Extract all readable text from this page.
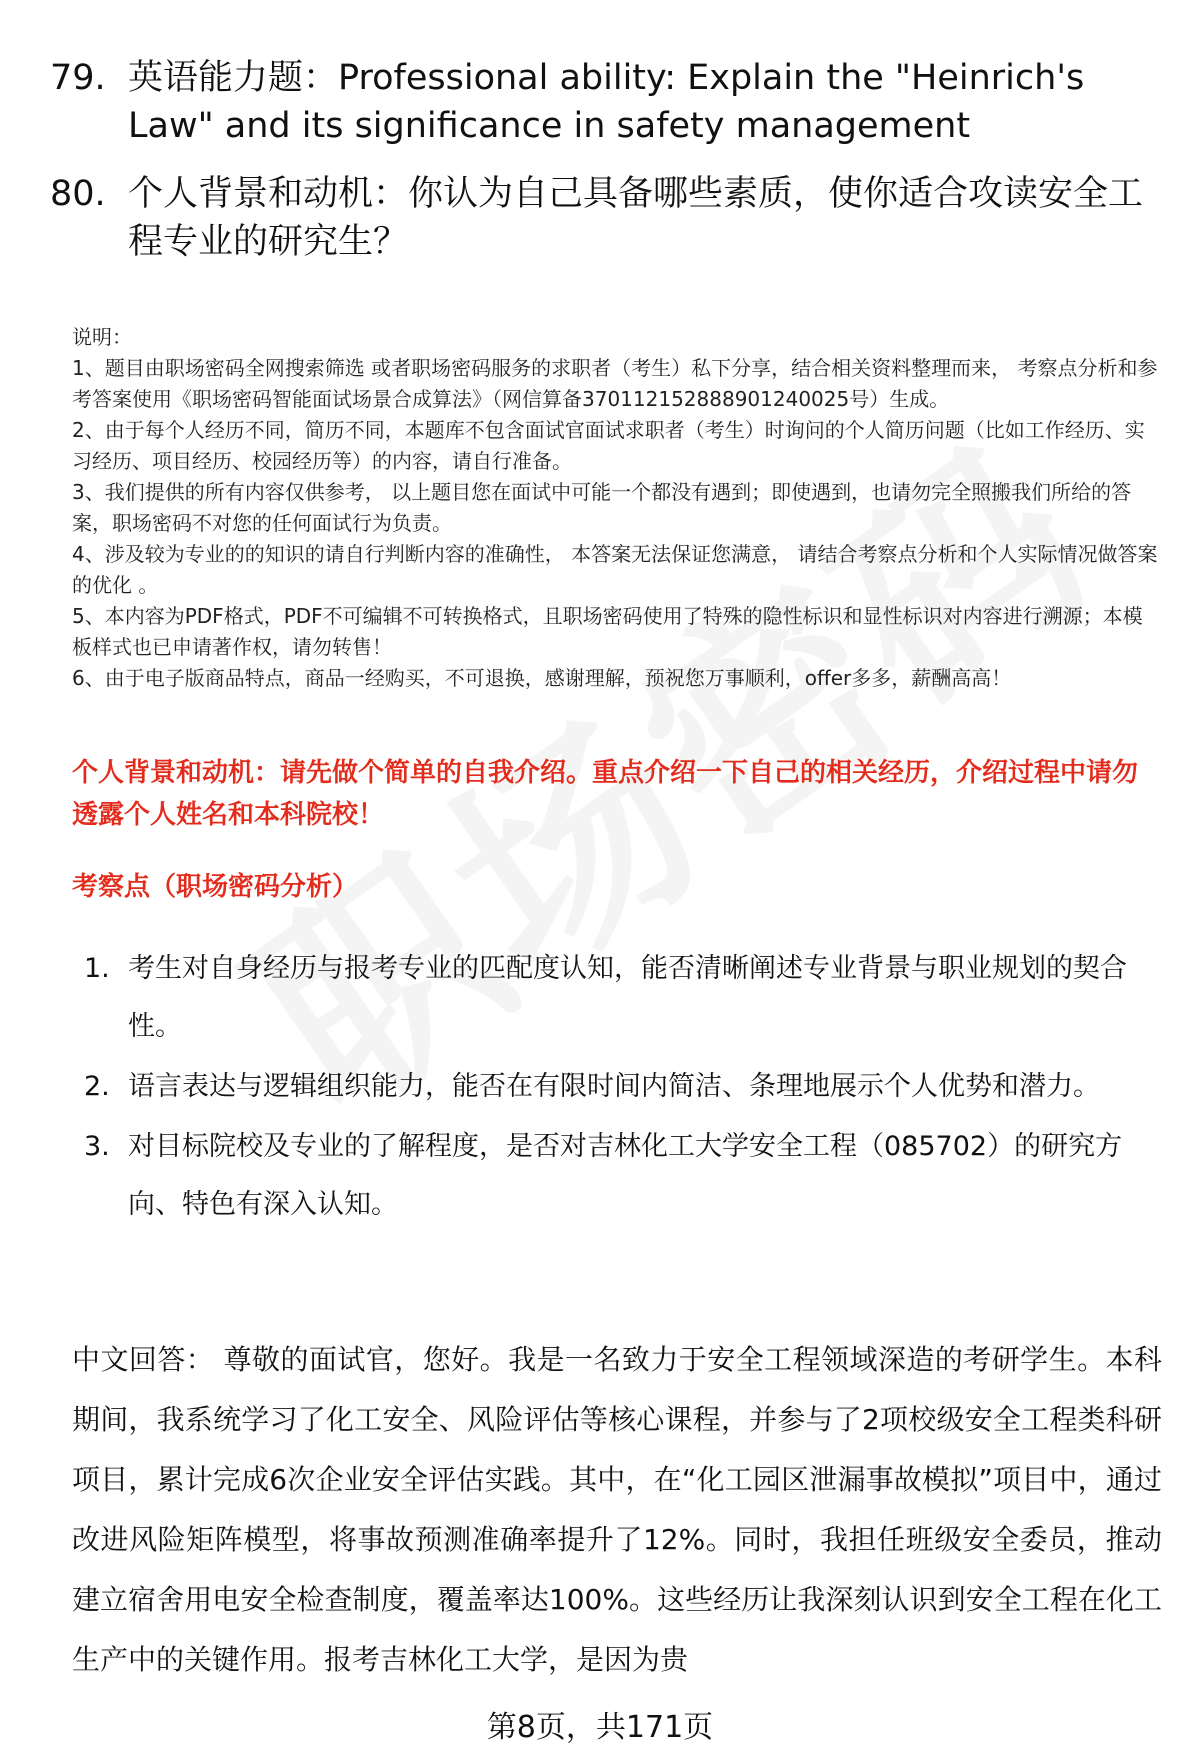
79. 英语能力题：Professional ability: Explain the "Heinrich's Law" and its significance in safety management
80. 个人背景和动机：你认为自己具备哪些素质，使你适合攻读安全工程专业的研究生？

说明：

1、题目由职场密码全网搜索筛选 或者职场密码服务的求职者（考生）私下分享，结合相关资料整理而来， 考察点分析和参考答案使用《职场密码智能面试场景合成算法》（网信算备370112152888901240025号）生成。

2、由于每个人经历不同，简历不同，本题库不包含面试官面试求职者（考生）时询问的个人简历问题（比如工作经历、实习经历、项目经历、校园经历等）的内容，请自行准备。

3、我们提供的所有内容仅供参考， 以上题目您在面试中可能一个都没有遇到；即使遇到，也请勿完全照搬我们所给的答案，职场密码不对您的任何面试行为负责。

4、涉及较为专业的的知识的请自行判断内容的准确性， 本答案无法保证您满意， 请结合考察点分析和个人实际情况做答案的优化 。

5、本内容为PDF格式，PDF不可编辑不可转换格式，且职场密码使用了特殊的隐性标识和显性标识对内容进行溯源；本模板样式也已申请著作权，请勿转售！

6、由于电子版商品特点，商品一经购买，不可退换，感谢理解，预祝您万事顺利，offer多多，薪酬高高！

个人背景和动机：请先做个简单的自我介绍。重点介绍一下自己的相关经历，介绍过程中请勿透露个人姓名和本科院校！
考察点（职场密码分析）
1. 考生对自身经历与报考专业的匹配度认知，能否清晰阐述专业背景与职业规划的契合性。
2. 语言表达与逻辑组织能力，能否在有限时间内简洁、条理地展示个人优势和潜力。
3. 对目标院校及专业的了解程度，是否对吉林化工大学安全工程（085702）的研究方向、特色有深入认知。
中文回答： 尊敬的面试官，您好。我是一名致力于安全工程领域深造的考研学生。本科期间，我系统学习了化工安全、风险评估等核心课程，并参与了2项校级安全工程类科研项目，累计完成6次企业安全评估实践。其中，在“化工园区泄漏事故模拟”项目中，通过改进风险矩阵模型，将事故预测准确率提升了12%。同时，我担任班级安全委员，推动建立宿舍用电安全检查制度，覆盖率达100%。这些经历让我深刻认识到安全工程在化工生产中的关键作用。报考吉林化工大学，是因为贵
第8页，共171页
